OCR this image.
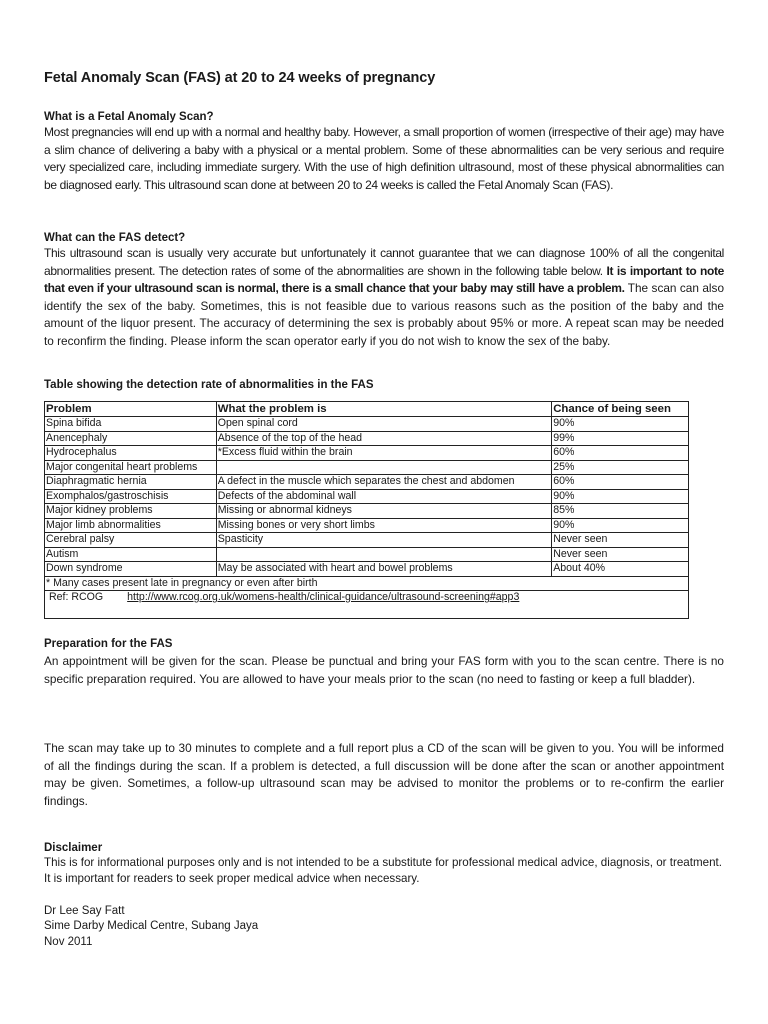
Fetal Anomaly Scan (FAS) at 20 to 24 weeks of pregnancy
What is a Fetal Anomaly Scan?
Most pregnancies will end up with a normal and healthy baby. However, a small proportion of women (irrespective of their age) may have a slim chance of delivering a baby with a physical or a mental problem. Some of these abnormalities can be very serious and require very specialized care, including immediate surgery. With the use of high definition ultrasound, most of these physical abnormalities can be diagnosed early. This ultrasound scan done at between 20 to 24 weeks is called the Fetal Anomaly Scan (FAS).
What can the FAS detect?
This ultrasound scan is usually very accurate but unfortunately it cannot guarantee that we can diagnose 100% of all the congenital abnormalities present. The detection rates of some of the abnormalities are shown in the following table below. It is important to note that even if your ultrasound scan is normal, there is a small chance that your baby may still have a problem. The scan can also identify the sex of the baby. Sometimes, this is not feasible due to various reasons such as the position of the baby and the amount of the liquor present. The accuracy of determining the sex is probably about 95% or more. A repeat scan may be needed to reconfirm the finding. Please inform the scan operator early if you do not wish to know the sex of the baby.
Table showing the detection rate of abnormalities in the FAS
Problem	What the problem is	Chance of being seen
Spina bifida	Open spinal cord	90%
Anencephaly	Absence of the top of the head	99%
Hydrocephalus	*Excess fluid within the brain	60%
Major congenital heart problems		25%
Diaphragmatic hernia	A defect in the muscle which separates the chest and abdomen	60%
Exomphalos/gastroschisis	Defects of the abdominal wall	90%
Major kidney problems	Missing or abnormal kidneys	85%
Major limb abnormalities	Missing bones or very short limbs	90%
Cerebral palsy	Spasticity	Never seen
Autism		Never seen
Down syndrome	May be associated with heart and bowel problems	About 40%
* Many cases present late in pregnancy or even after birth		
Ref: RCOG http://www.rcog.org.uk/womens-health/clinical-guidance/ultrasound-screening#app3		
Preparation for the FAS
An appointment will be given for the scan. Please be punctual and bring your FAS form with you to the scan centre. There is no specific preparation required. You are allowed to have your meals prior to the scan (no need to fasting or keep a full bladder).
The scan may take up to 30 minutes to complete and a full report plus a CD of the scan will be given to you. You will be informed of all the findings during the scan. If a problem is detected, a full discussion will be done after the scan or another appointment may be given. Sometimes, a follow-up ultrasound scan may be advised to monitor the problems or to re-confirm the earlier findings.
Disclaimer
This is for informational purposes only and is not intended to be a substitute for professional medical advice, diagnosis, or treatment. It is important for readers to seek proper medical advice when necessary.
Dr Lee Say Fatt
Sime Darby Medical Centre, Subang Jaya
Nov 2011
